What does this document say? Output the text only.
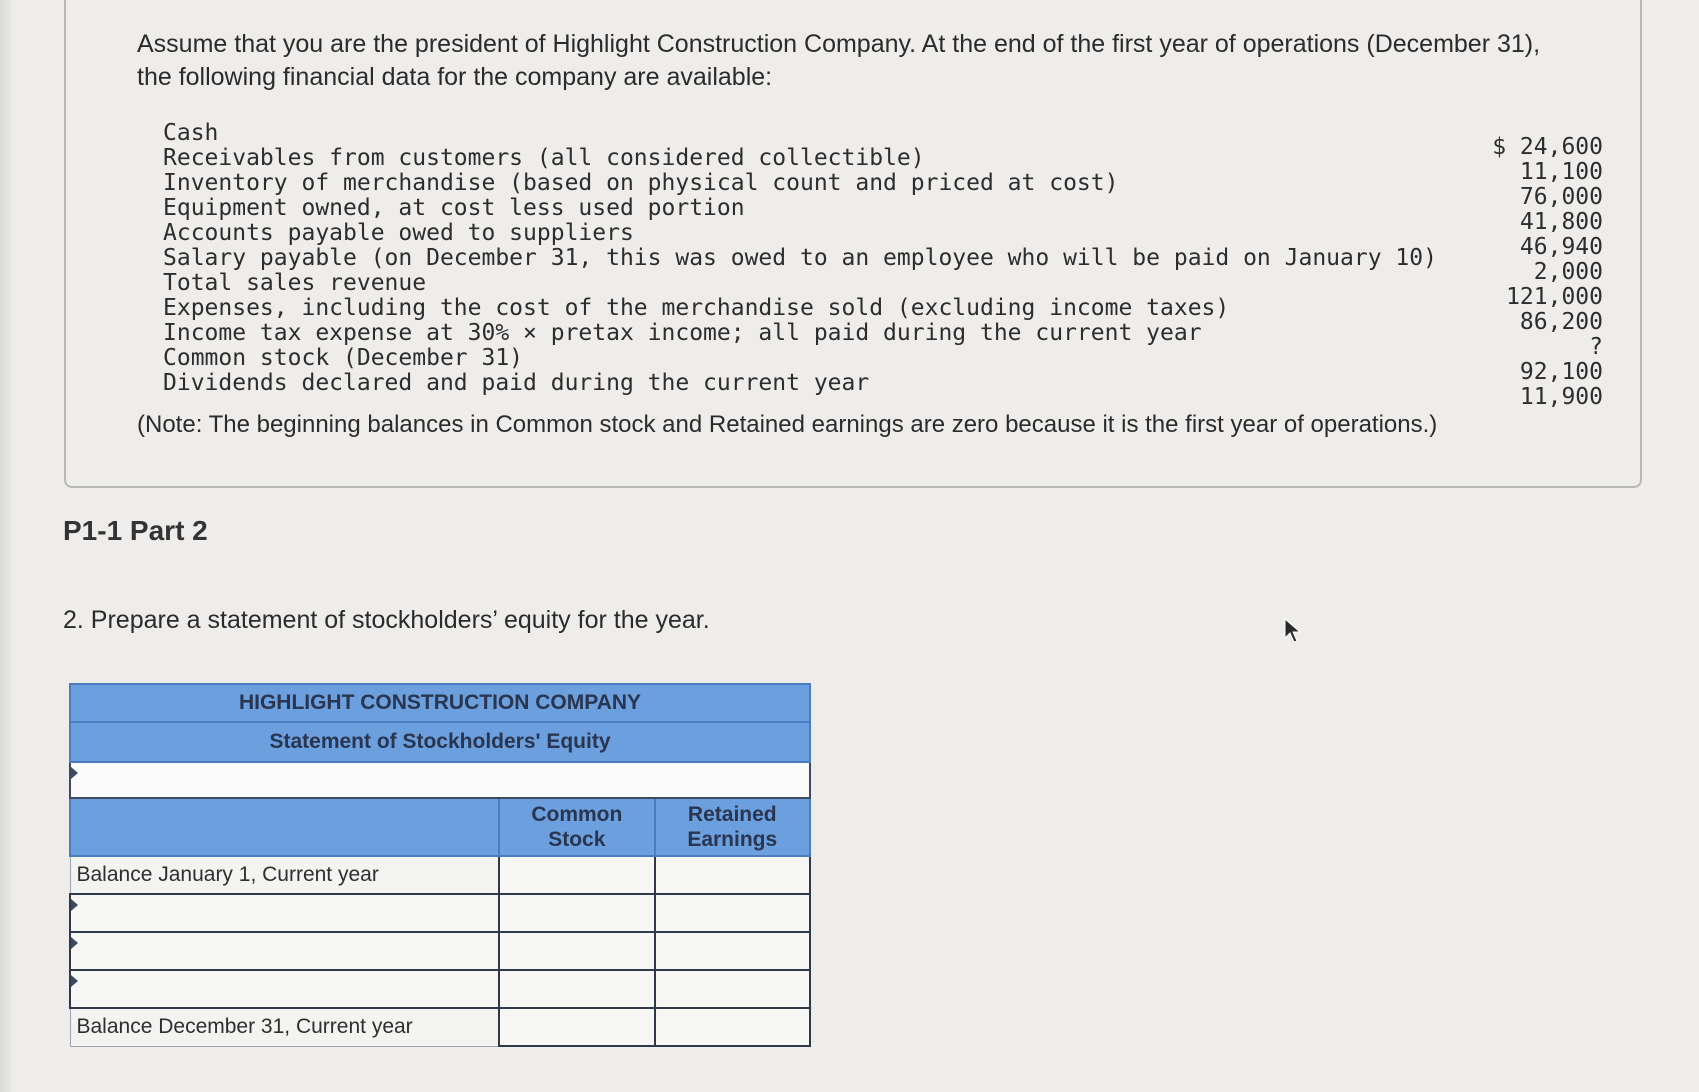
Assume that you are the president of Highlight Construction Company. At the end of the first year of operations (December 31), the following financial data for the company are available:

Cash
$ 24,600
Receivables from customers (all considered collectible)
11,100
Inventory of merchandise (based on physical count and priced at cost)
76,000
Equipment owned, at cost less used portion
41,800
Accounts payable owed to suppliers
46,940
Salary payable (on December 31, this was owed to an employee who will be paid on January 10)
2,000
Total sales revenue
121,000
Expenses, including the cost of the merchandise sold (excluding income taxes)
86,200
Income tax expense at 30% × pretax income; all paid during the current year
?
Common stock (December 31)
92,100
Dividends declared and paid during the current year
11,900
(Note: The beginning balances in Common stock and Retained earnings are zero because it is the first year of operations.)
P1-1 Part 2
2. Prepare a statement of stockholders’ equity for the year.
HIGHLIGHT CONSTRUCTION COMPANY		
Statement of Stockholders' Equity		

	Common Stock	Retained Earnings
Balance January 1, Current year		

Balance December 31, Current year		
